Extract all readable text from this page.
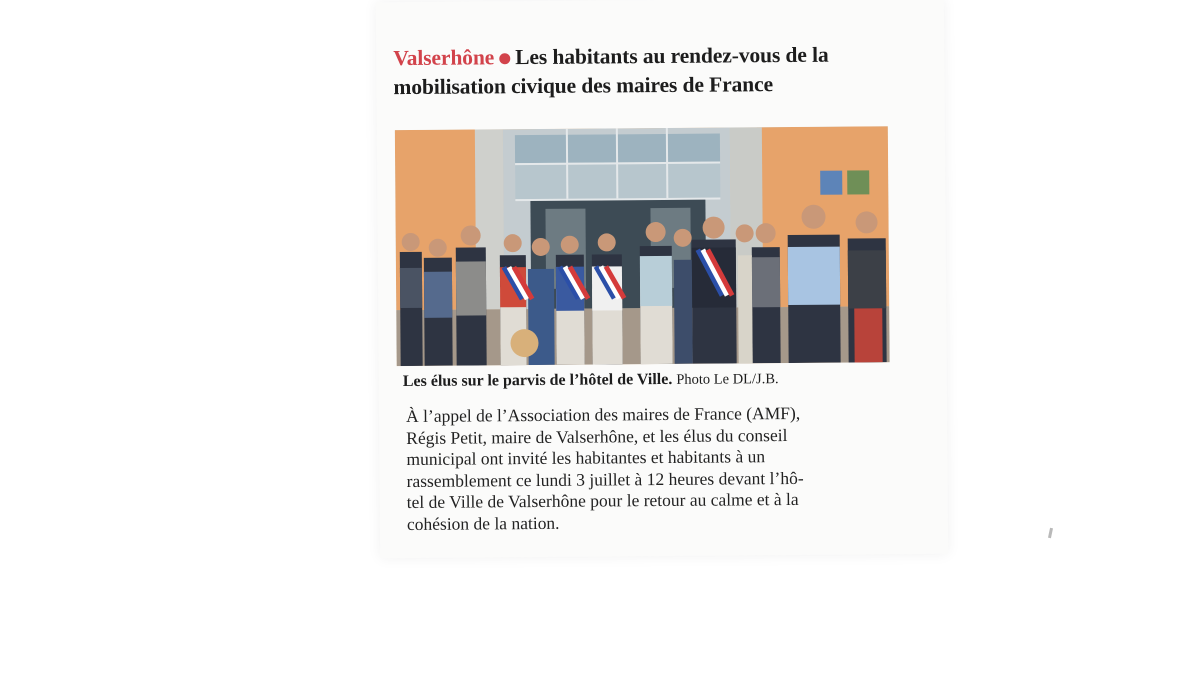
Valserhône Les habitants au rendez-vous de la mobilisation civique des maires de France

Les élus sur le parvis de l’hôtel de Ville. Photo Le DL/J.B.

À l’appel de l’Association des maires de France (AMF),
Régis Petit, maire de Valserhône, et les élus du conseil
municipal ont invité les habitantes et habitants à un
rassemblement ce lundi 3 juillet à 12 heures devant l’hô-
tel de Ville de Valserhône pour le retour au calme et à la
cohésion de la nation.
